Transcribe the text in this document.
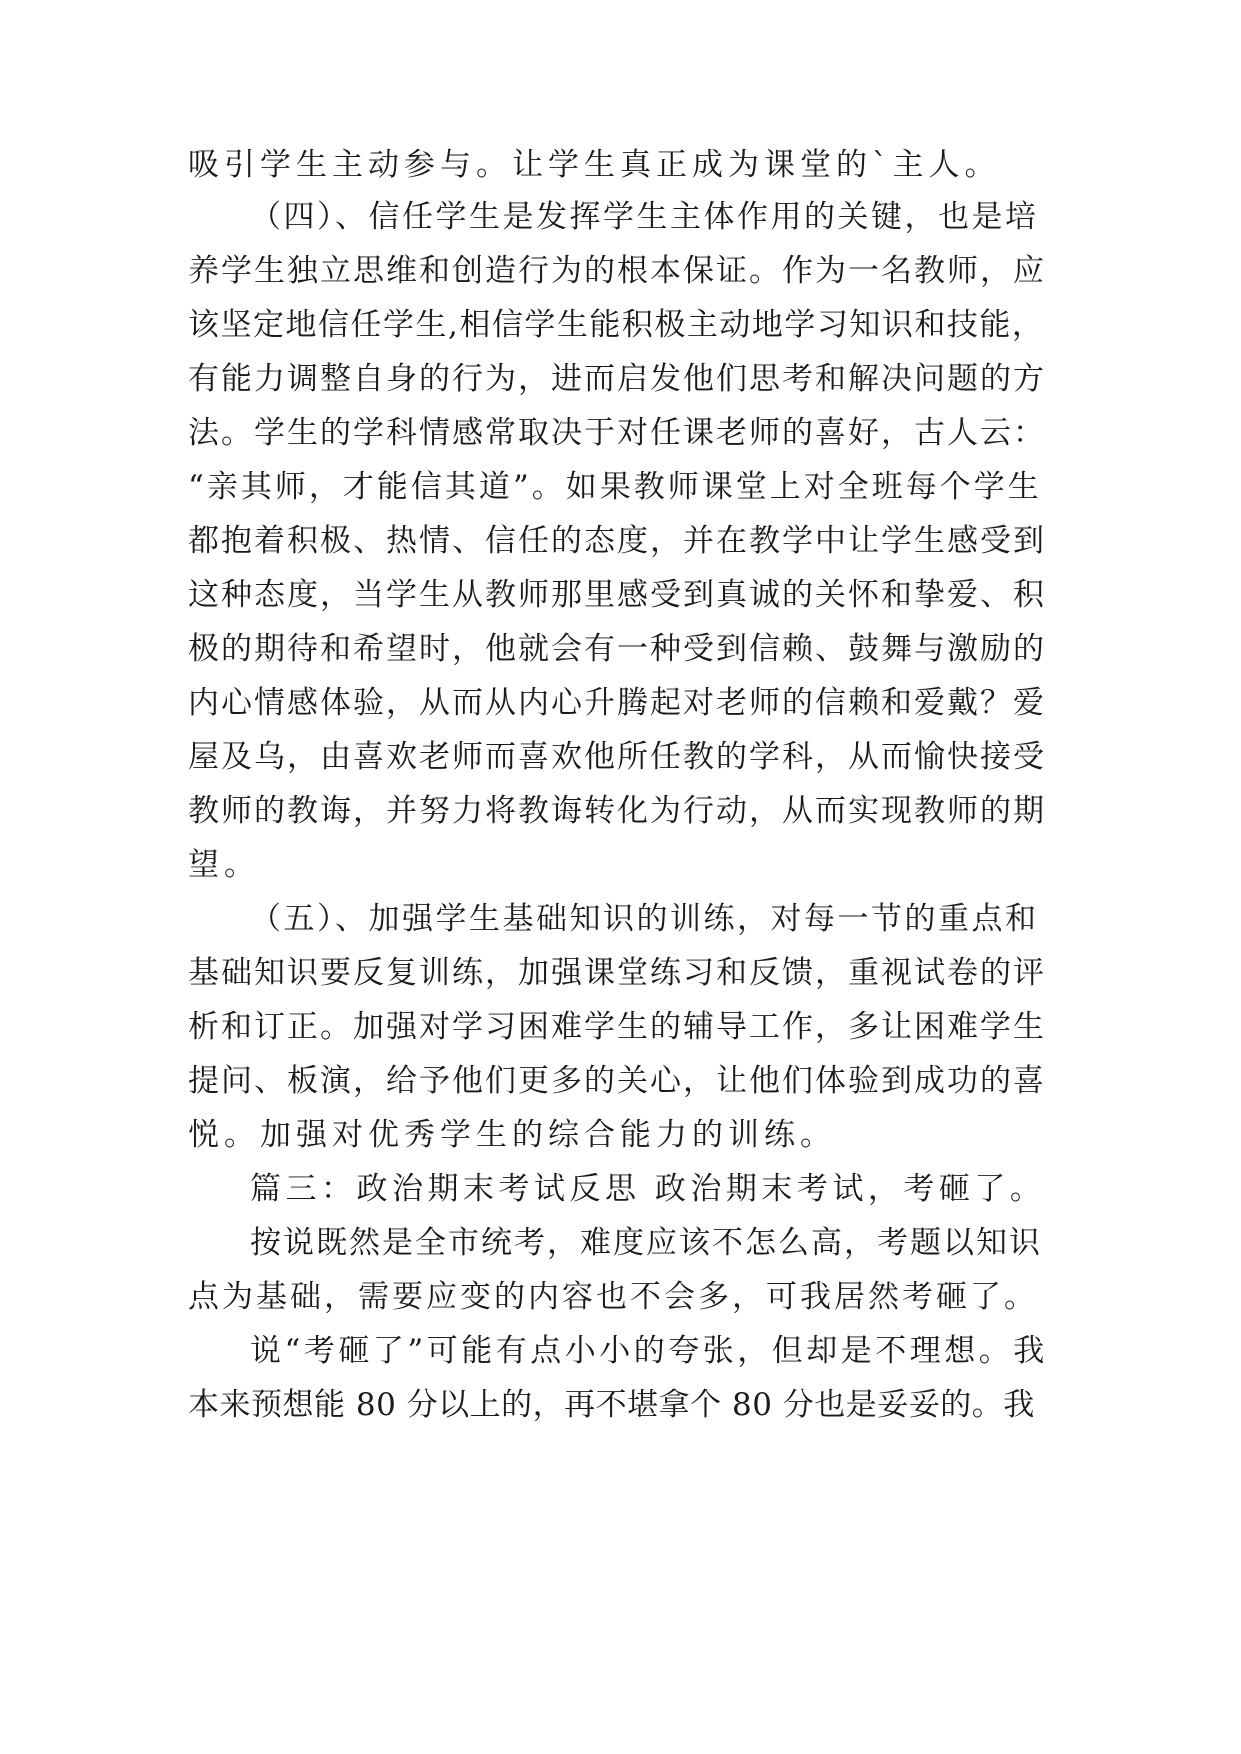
吸引学生主动参与。让学生真正成为课堂的`主人。
（四）、信任学生是发挥学生主体作用的关键，也是培
养学生独立思维和创造行为的根本保证。作为一名教师，应
该坚定地信任学生,相信学生能积极主动地学习知识和技能，
有能力调整自身的行为，进而启发他们思考和解决问题的方
法。学生的学科情感常取决于对任课老师的喜好，古人云：
“亲其师，才能信其道”。如果教师课堂上对全班每个学生
都抱着积极、热情、信任的态度，并在教学中让学生感受到
这种态度，当学生从教师那里感受到真诚的关怀和挚爱、积
极的期待和希望时，他就会有一种受到信赖、鼓舞与激励的
内心情感体验，从而从内心升腾起对老师的信赖和爱戴？爱
屋及乌，由喜欢老师而喜欢他所任教的学科，从而愉快接受
教师的教诲，并努力将教诲转化为行动，从而实现教师的期
望。
（五）、加强学生基础知识的训练，对每一节的重点和
基础知识要反复训练，加强课堂练习和反馈，重视试卷的评
析和订正。加强对学习困难学生的辅导工作，多让困难学生
提问、板演，给予他们更多的关心，让他们体验到成功的喜
悦。加强对优秀学生的综合能力的训练。
篇三：政治期末考试反思 政治期末考试，考砸了。
按说既然是全市统考，难度应该不怎么高，考题以知识
点为基础，需要应变的内容也不会多，可我居然考砸了。
说“考砸了”可能有点小小的夸张，但却是不理想。我
本来预想能 80 分以上的，再不堪拿个 80 分也是妥妥的。我
